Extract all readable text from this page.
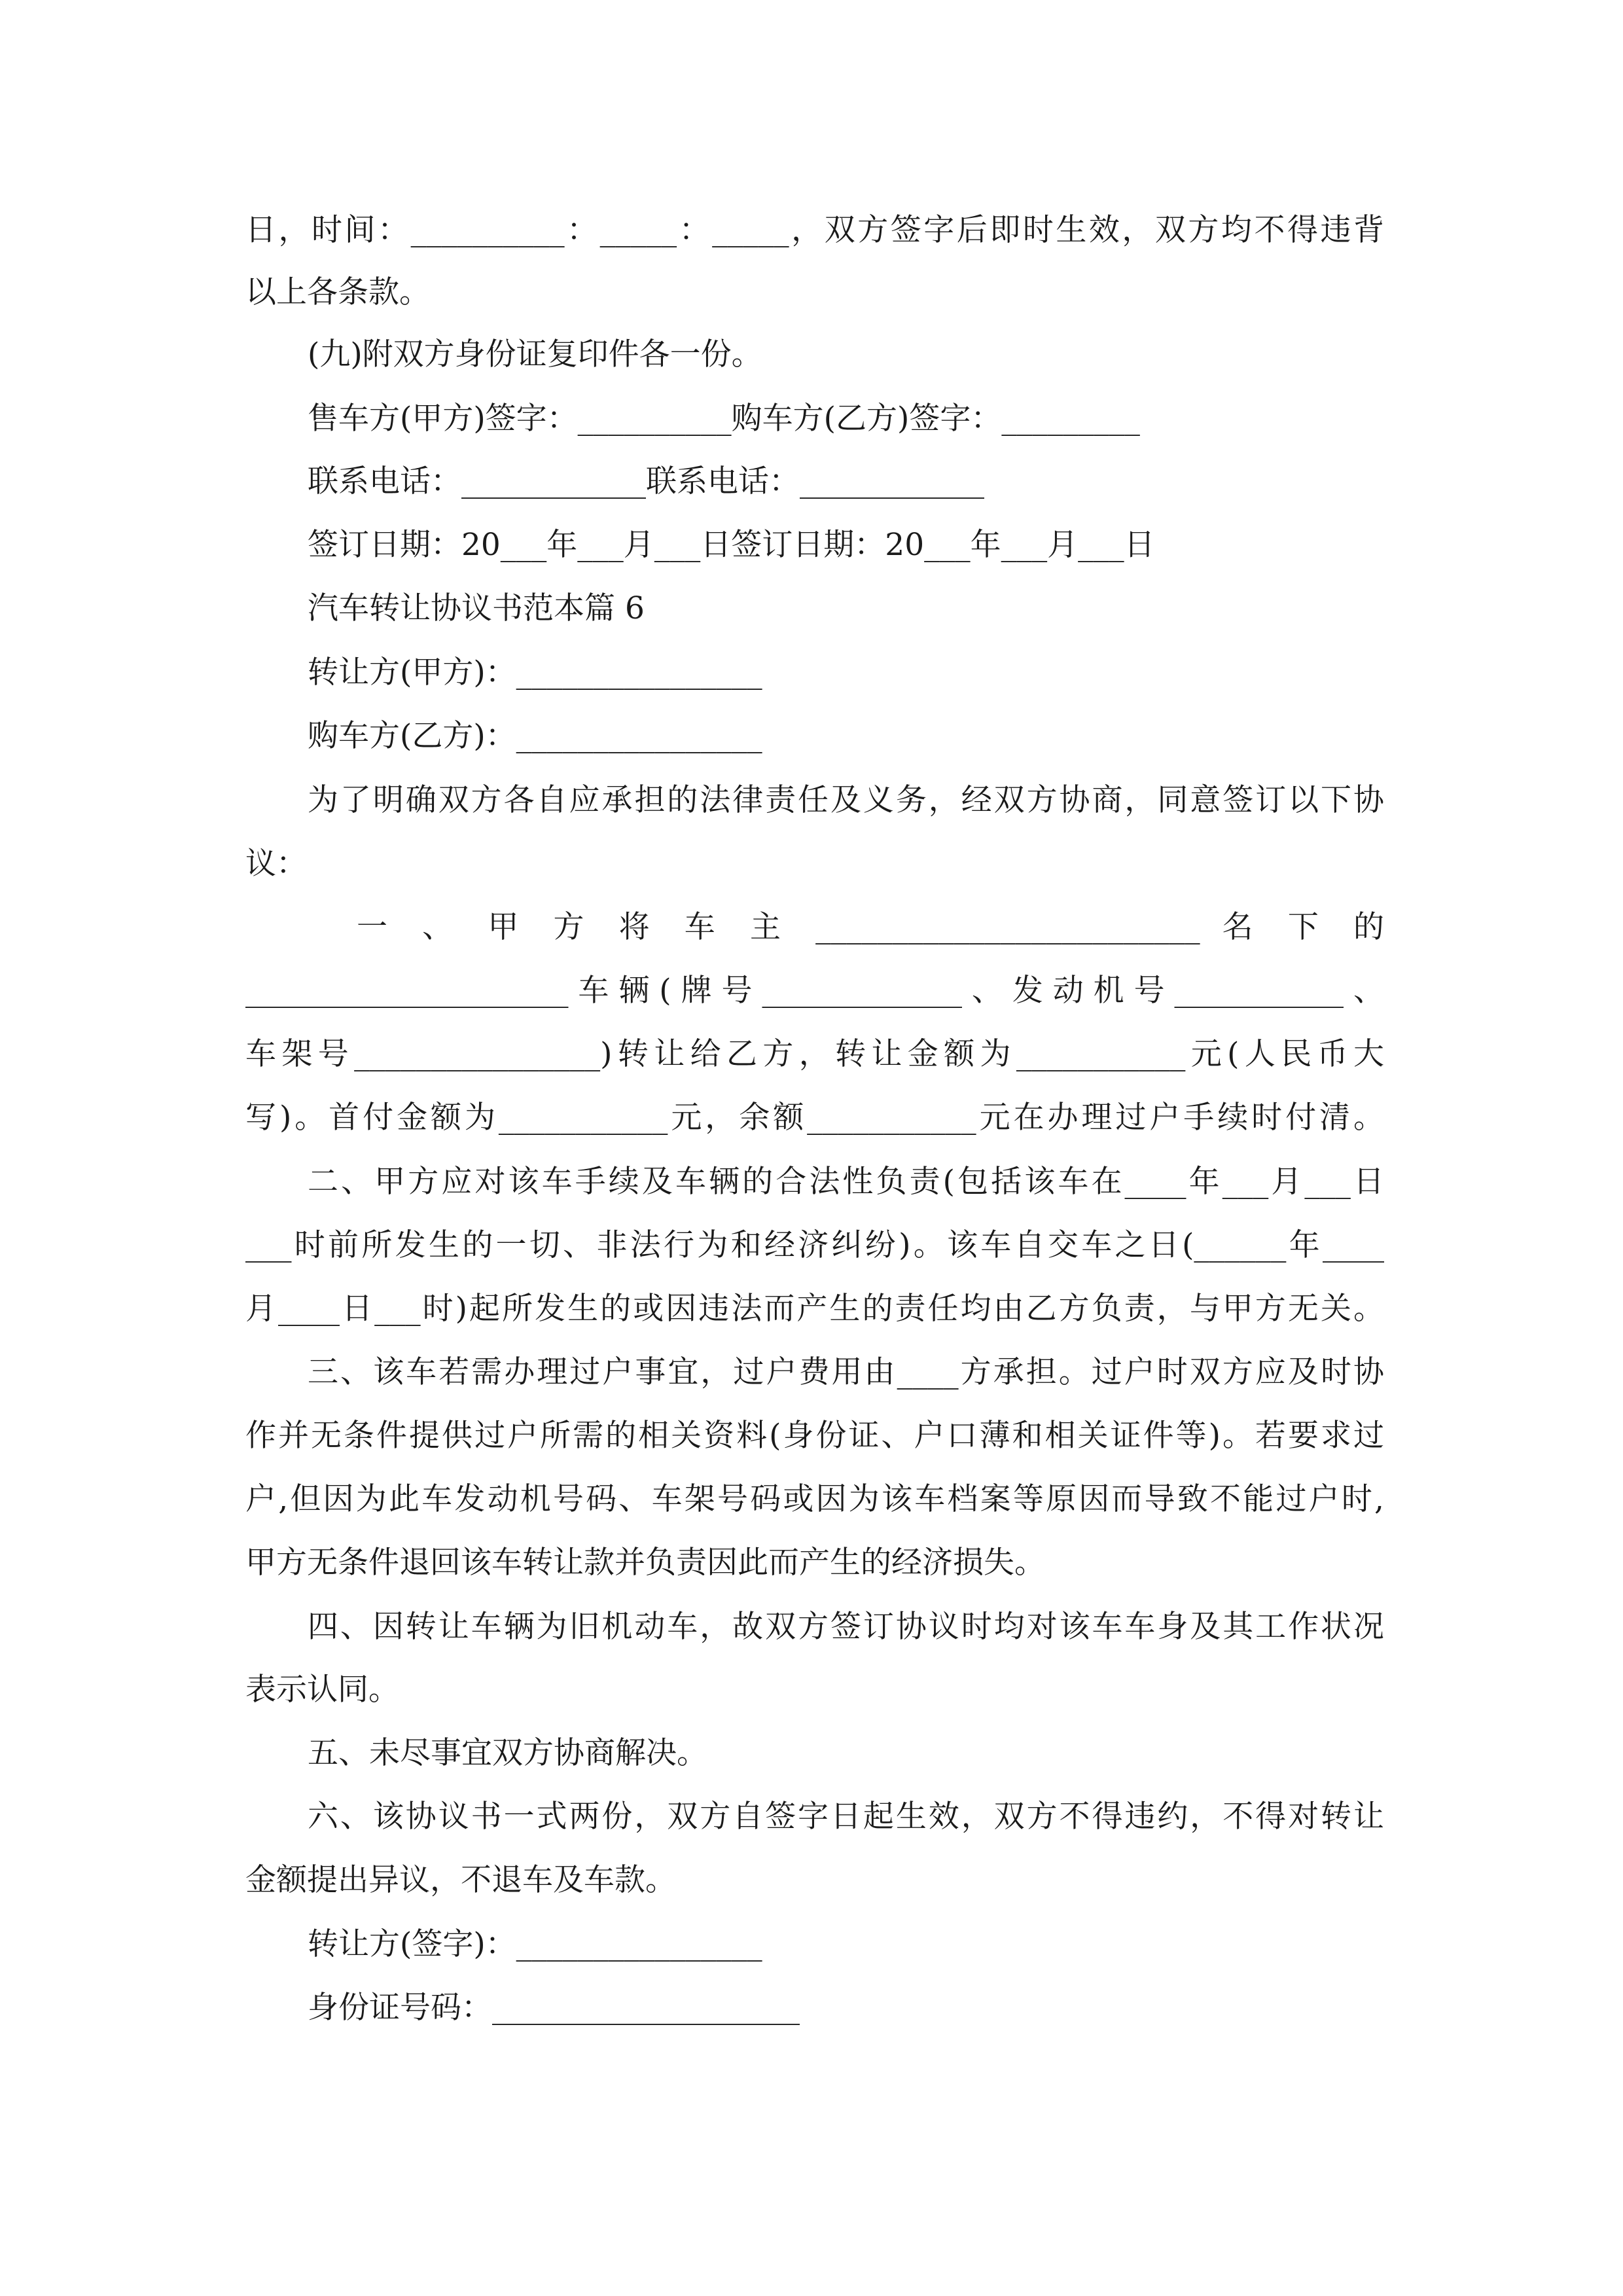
日，时间：__________：_____：_____，双方签字后即时生效，双方均不得违背
以上各条款。
(九)附双方身份证复印件各一份。
售车方(甲方)签字：__________购车方(乙方)签字：_________
联系电话：____________联系电话：____________
签订日期：20___年___月___日签订日期：20___年___月___日
汽车转让协议书范本篇 6
转让方(甲方)：________________
购车方(乙方)：________________
为了明确双方各自应承担的法律责任及义务，经双方协商，同意签订以下协
议：
一 、 甲 方 将 车 主 _________________________ 名 下 的
_____________________车辆(牌号_____________、发动机号___________、
车架号________________)转让给乙方，转让金额为___________元(人民币大
写)。首付金额为___________元，余额___________元在办理过户手续时付清。
二、甲方应对该车手续及车辆的合法性负责(包括该车在____年___月___日
___时前所发生的一切、非法行为和经济纠纷)。该车自交车之日(______年____
月____日___时)起所发生的或因违法而产生的责任均由乙方负责，与甲方无关。
三、该车若需办理过户事宜，过户费用由____方承担。过户时双方应及时协
作并无条件提供过户所需的相关资料(身份证、户口薄和相关证件等)。若要求过
户,但因为此车发动机号码、车架号码或因为该车档案等原因而导致不能过户时,
甲方无条件退回该车转让款并负责因此而产生的经济损失。
四、因转让车辆为旧机动车，故双方签订协议时均对该车车身及其工作状况
表示认同。
五、未尽事宜双方协商解决。
六、该协议书一式两份，双方自签字日起生效，双方不得违约，不得对转让
金额提出异议，不退车及车款。
转让方(签字)：________________
身份证号码：____________________
